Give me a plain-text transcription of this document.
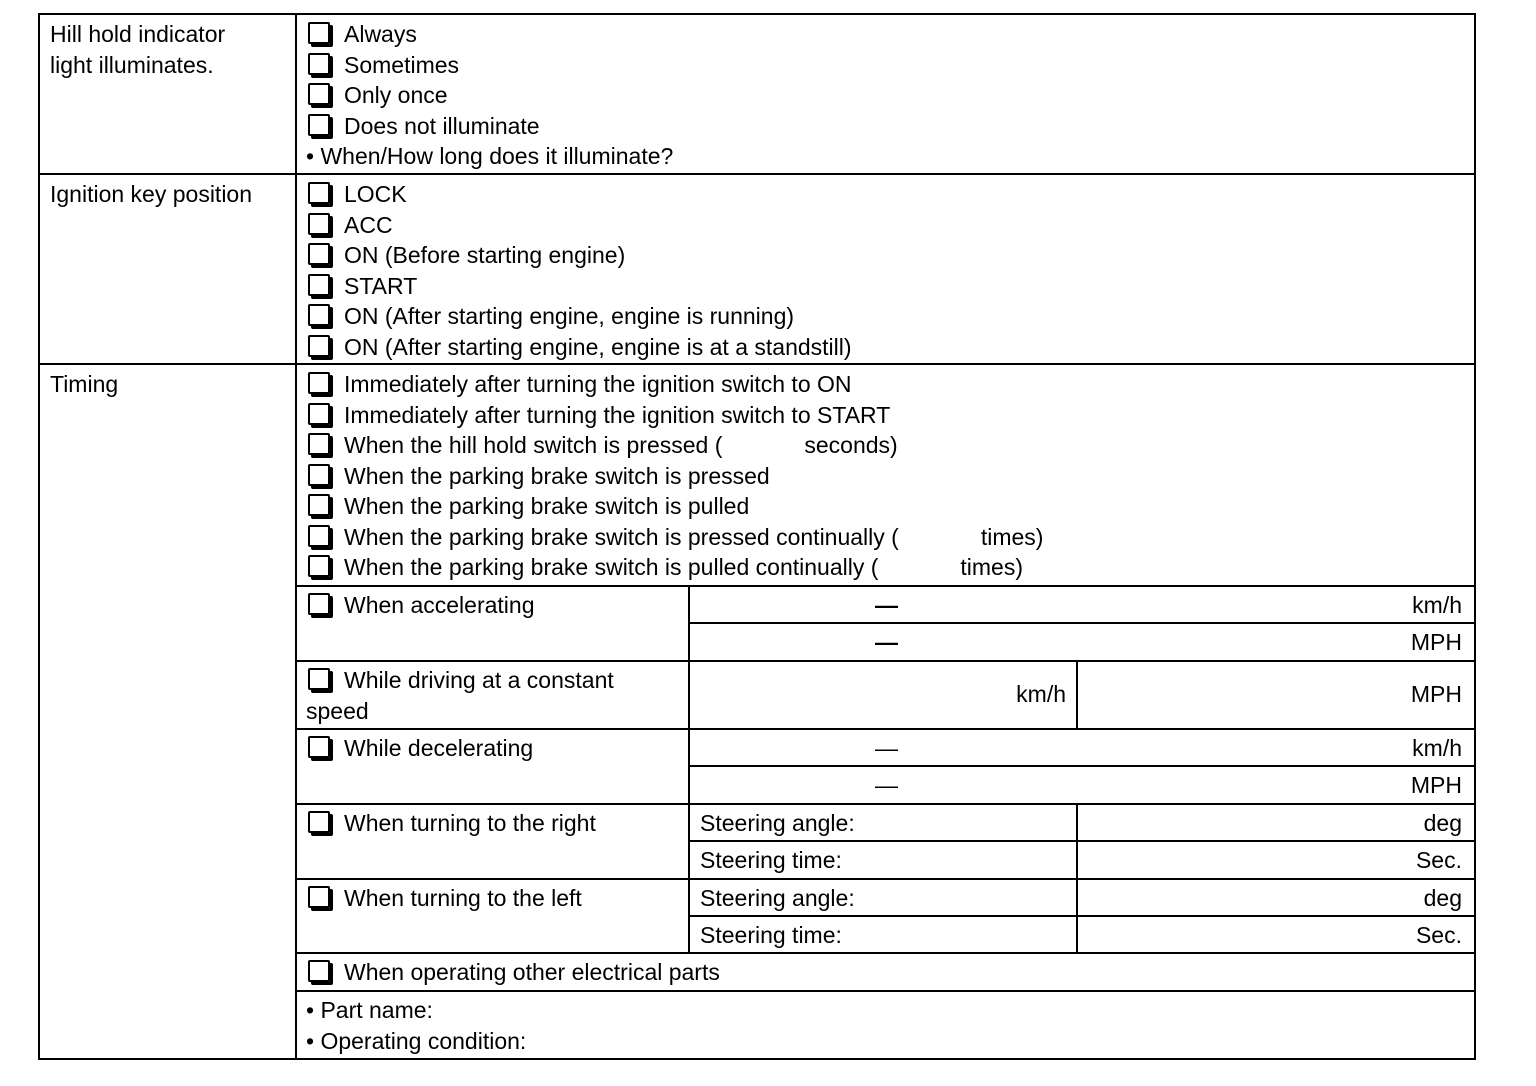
Hill hold indicator
light illuminates.
Always
Sometimes
Only once
Does not illuminate
• When/How long does it illuminate?
Ignition key position	LOCK
ACC
ON (Before starting engine)
START
ON (After starting engine, engine is running)
ON (After starting engine, engine is at a standstill)
Timing	Immediately after turning the ignition switch to ON
Immediately after turning the ignition switch to START
When the hill hold switch is pressed (	seconds)
When the parking brake switch is pressed
When the parking brake switch is pulled
When the parking brake switch is pressed continually (	times)
When the parking brake switch is pulled continually (	times)
When accelerating	—	km/h
—	MPH
While driving at a constant
speed
km/h	MPH
While decelerating	—	km/h
—	MPH
When turning to the right	Steering angle:	deg
Steering time:	Sec.
When turning to the left	Steering angle:	deg
Steering time:	Sec.
When operating other electrical parts
• Part name:
• Operating condition:
